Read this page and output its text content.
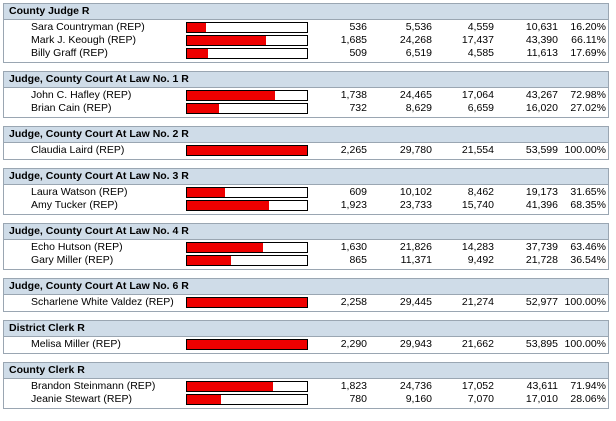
County Judge R
Sara Countryman (REP)	536	5,536	4,559	10,631 16.20%
Mark J. Keough (REP)	1,685	24,268	17,437	43,390 66.11%
Billy Graff (REP)	509	6,519	4,585	11,613 17.69%
Judge, County Court At Law No. 1 R
John C. Hafley (REP)	1,738	24,465	17,064	43,267 72.98%
Brian Cain (REP)	732	8,629	6,659	16,020 27.02%
Judge, County Court At Law No. 2 R
Claudia Laird (REP)	2,265	29,780	21,554	53,599 100.00%
Judge, County Court At Law No. 3 R
Laura Watson (REP)	609	10,102	8,462	19,173 31.65%
Amy Tucker (REP)	1,923	23,733	15,740	41,396 68.35%
Judge, County Court At Law No. 4 R
Echo Hutson (REP)	1,630	21,826	14,283	37,739 63.46%
Gary Miller (REP)	865	11,371	9,492	21,728 36.54%
Judge, County Court At Law No. 6 R
Scharlene White Valdez (REP)	2,258	29,445	21,274	52,977 100.00%
District Clerk R
Melisa Miller (REP)	2,290	29,943	21,662	53,895 100.00%
County Clerk R
Brandon Steinmann (REP)	1,823	24,736	17,052	43,611 71.94%
Jeanie Stewart (REP)	780	9,160	7,070	17,010 28.06%
